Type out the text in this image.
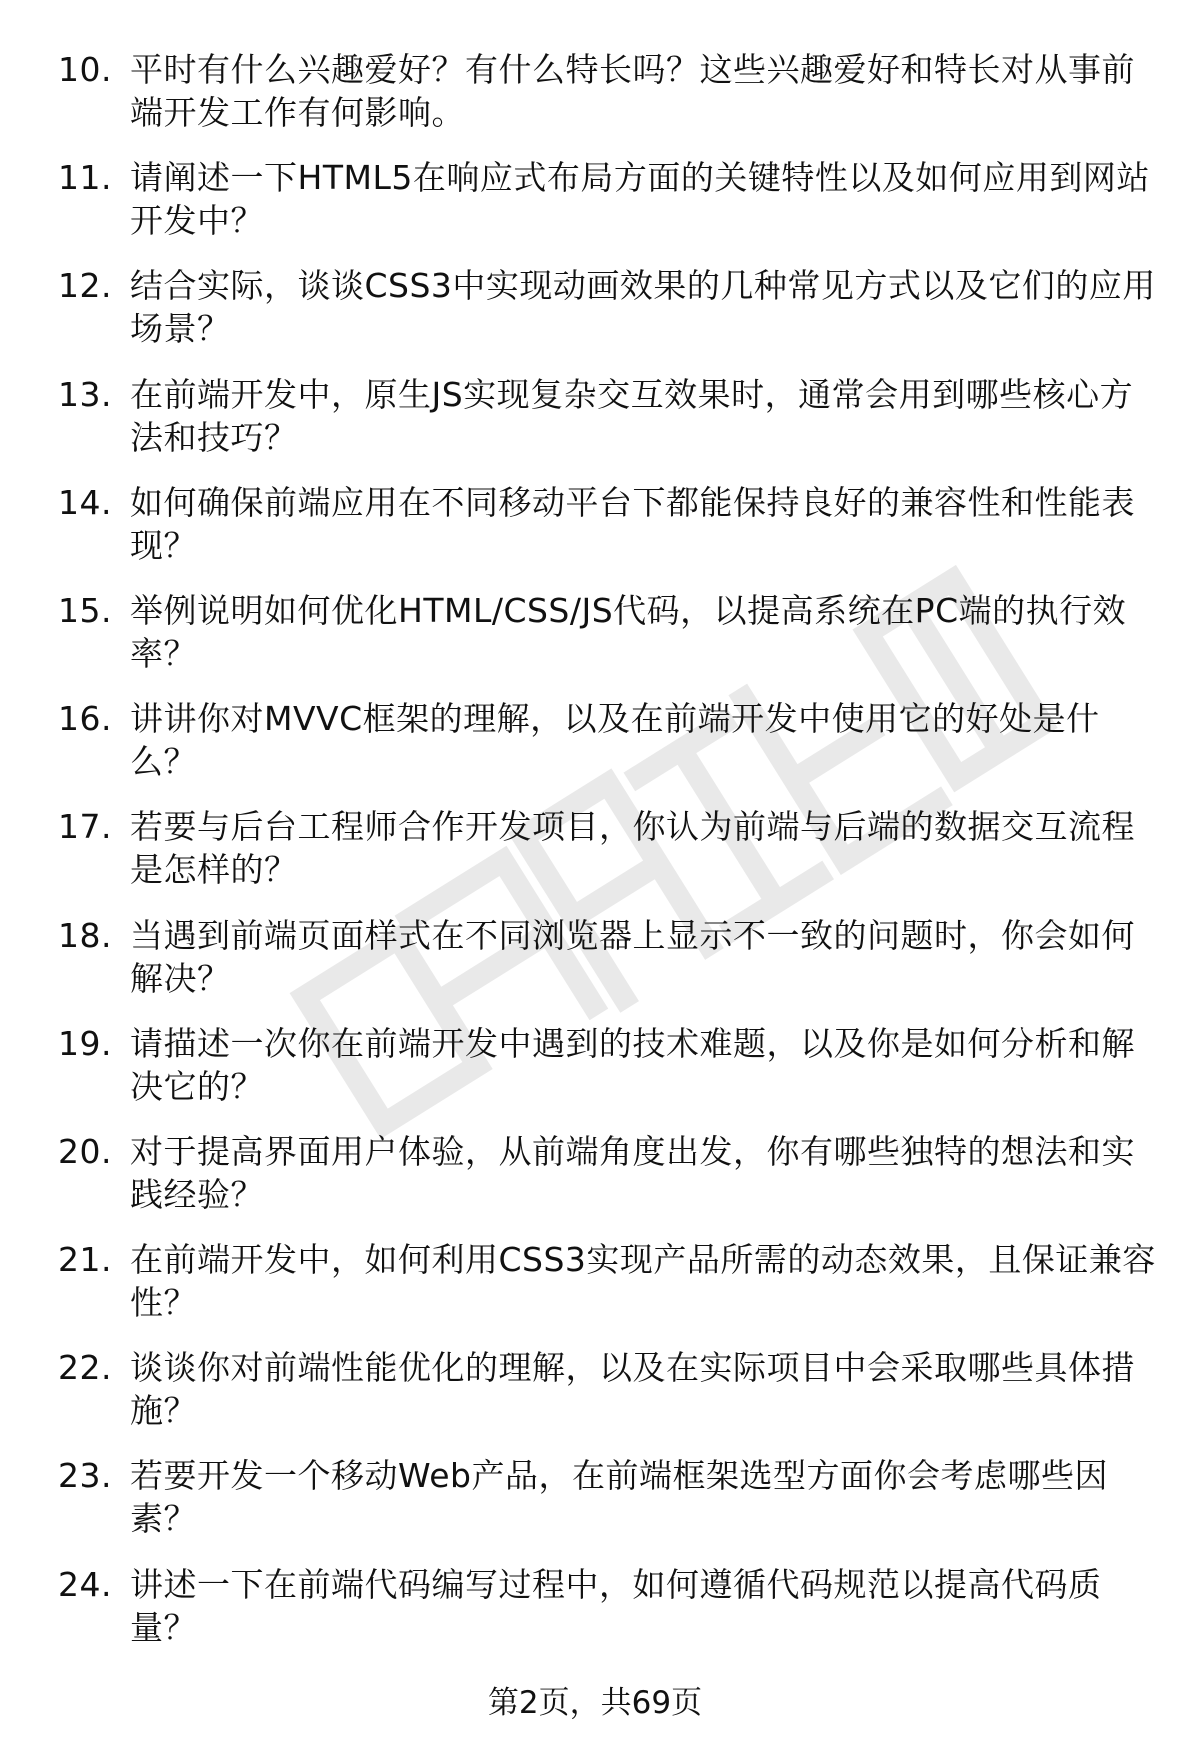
10. 平时有什么兴趣爱好？有什么特长吗？这些兴趣爱好和特长对从事前端开发工作有何影响。
11. 请阐述一下HTML5在响应式布局方面的关键特性以及如何应用到网站开发中？
12. 结合实际，谈谈CSS3中实现动画效果的几种常见方式以及它们的应用场景？
13. 在前端开发中，原生JS实现复杂交互效果时，通常会用到哪些核心方法和技巧？
14. 如何确保前端应用在不同移动平台下都能保持良好的兼容性和性能表现？
15. 举例说明如何优化HTML/CSS/JS代码，以提高系统在PC端的执行效率？
16. 讲讲你对MVVC框架的理解，以及在前端开发中使用它的好处是什么？
17. 若要与后台工程师合作开发项目，你认为前端与后端的数据交互流程是怎样的？
18. 当遇到前端页面样式在不同浏览器上显示不一致的问题时，你会如何解决？
19. 请描述一次你在前端开发中遇到的技术难题，以及你是如何分析和解决它的？
20. 对于提高界面用户体验，从前端角度出发，你有哪些独特的想法和实践经验？
21. 在前端开发中，如何利用CSS3实现产品所需的动态效果，且保证兼容性？
22. 谈谈你对前端性能优化的理解，以及在实际项目中会采取哪些具体措施？
23. 若要开发一个移动Web产品，在前端框架选型方面你会考虑哪些因素？
24. 讲述一下在前端代码编写过程中，如何遵循代码规范以提高代码质量？
第2页，共69页
